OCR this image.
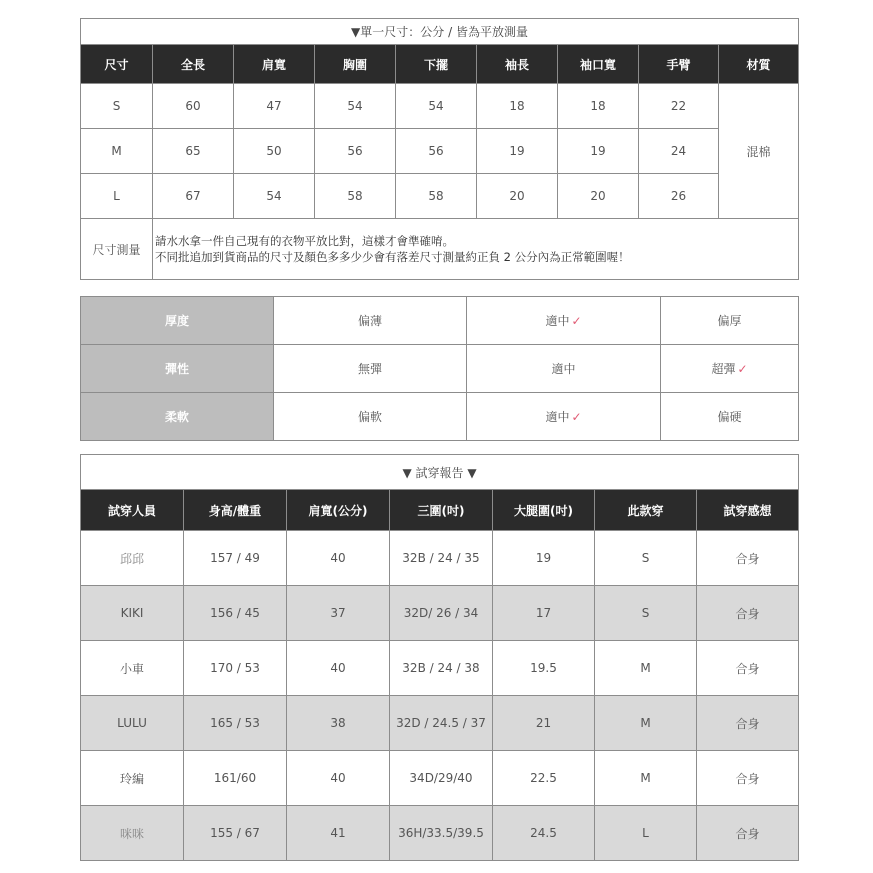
▼單一尺寸：公分 / 皆為平放測量								
尺寸	全長	肩寬	胸圍	下擺	袖長	袖口寬	手臂	材質
S	60	47	54	54	18	18	22	混棉
M	65	50	56	56	19	19	24	
L	67	54	58	58	20	20	26	
尺寸測量	請水水拿一件自己現有的衣物平放比對，這樣才會準確唷。
不同批追加到貨商品的尺寸及顏色多多少少會有落差尺寸測量約正負 2 公分內為正常範圍喔！							
厚度	偏薄	適中 ✓	偏厚
彈性	無彈	適中	超彈 ✓
柔軟	偏軟	適中 ✓	偏硬
▼ 試穿報告 ▼						
試穿人員	身高/體重	肩寬(公分)	三圍(吋)	大腿圍(吋)	此款穿	試穿感想
邱邱	157 / 49	40	32B / 24 / 35	19	S	合身
KIKI	156 / 45	37	32D/ 26 / 34	17	S	合身
小車	170 / 53	40	32B / 24 / 38	19.5	M	合身
LULU	165 / 53	38	32D / 24.5 / 37	21	M	合身
玲編	161/60	40	34D/29/40	22.5	M	合身
咪咪	155 / 67	41	36H/33.5/39.5	24.5	L	合身
